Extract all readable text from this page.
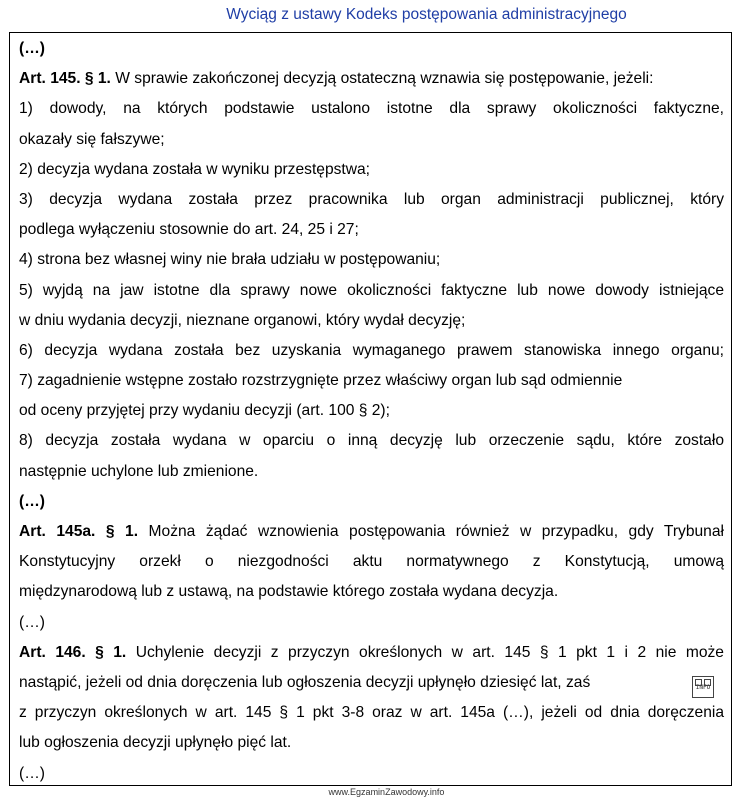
Wyciąg z ustawy Kodeks postępowania administracyjnego
(…)
Art. 145. § 1. W sprawie zakończonej decyzją ostateczną wznawia się postępowanie, jeżeli:
1) dowody, na których podstawie ustalono istotne dla sprawy okoliczności faktyczne,
okazały się fałszywe;
2) decyzja wydana została w wyniku przestępstwa;
3) decyzja wydana została przez pracownika lub organ administracji publicznej, który
podlega wyłączeniu stosownie do art. 24, 25 i 27;
4) strona bez własnej winy nie brała udziału w postępowaniu;
5) wyjdą na jaw istotne dla sprawy nowe okoliczności faktyczne lub nowe dowody istniejące
w dniu wydania decyzji, nieznane organowi, który wydał decyzję;
6) decyzja wydana została bez uzyskania wymaganego prawem stanowiska innego organu;
7) zagadnienie wstępne zostało rozstrzygnięte przez właściwy organ lub sąd odmiennie
od oceny przyjętej przy wydaniu decyzji (art. 100 § 2);
8) decyzja została wydana w oparciu o inną decyzję lub orzeczenie sądu, które zostało
następnie uchylone lub zmienione.
(…)
Art. 145a. § 1. Można żądać wznowienia postępowania również w przypadku, gdy Trybunał
Konstytucyjny orzekł o niezgodności aktu normatywnego z Konstytucją, umową
międzynarodową lub z ustawą, na podstawie którego została wydana decyzja.
(…)
Art. 146. § 1. Uchylenie decyzji z przyczyn określonych w art. 145 § 1 pkt 1 i 2 nie może
nastąpić, jeżeli od dnia doręczenia lub ogłoszenia decyzji upłynęło dziesięć lat, zaś
z przyczyn określonych w art. 145 § 1 pkt 3-8 oraz w art. 145a (…), jeżeli od dnia doręczenia
lub ogłoszenia decyzji upłynęło pięć lat.
(…)
INFO
www.EgzaminZawodowy.info
